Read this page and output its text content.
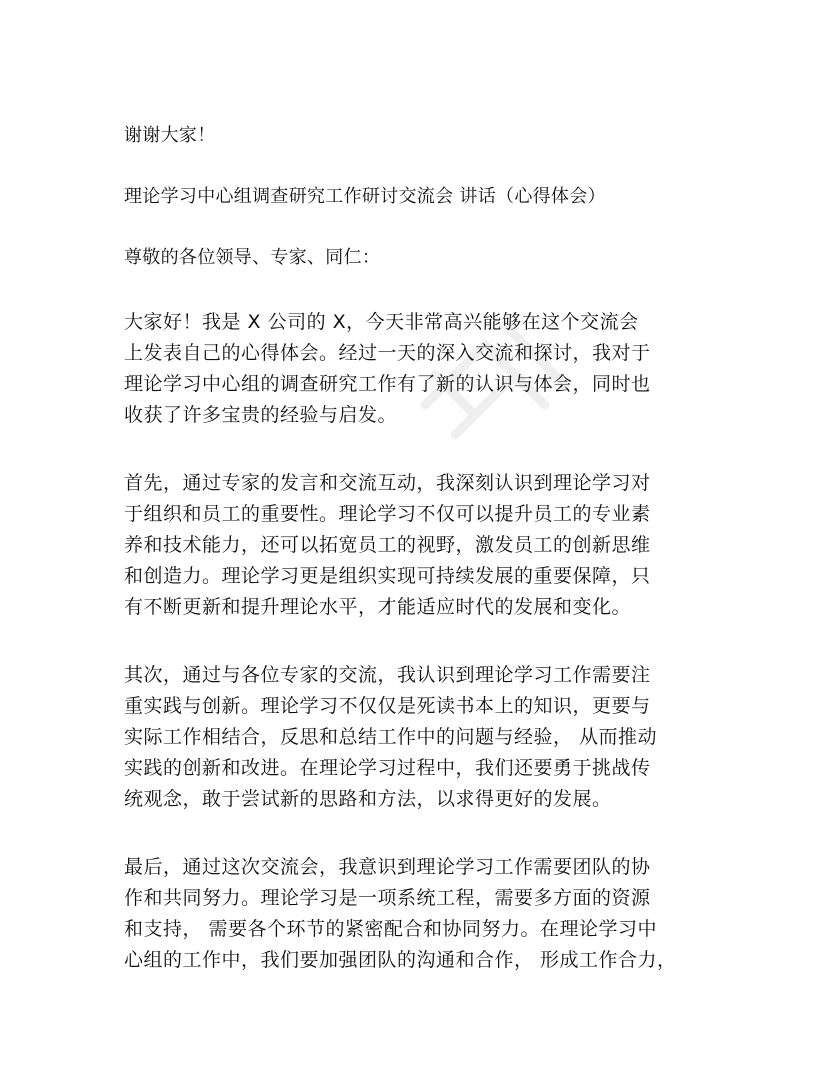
谢谢大家！
理论学习中心组调查研究工作研讨交流会 讲话（心得体会）
尊敬的各位领导、专家、同仁：
大家好！我是 X 公司的 X，今天非常高兴能够在这个交流会
上发表自己的心得体会。经过一天的深入交流和探讨，我对于
理论学习中心组的调查研究工作有了新的认识与体会，同时也
收获了许多宝贵的经验与启发。
首先，通过专家的发言和交流互动，我深刻认识到理论学习对
于组织和员工的重要性。理论学习不仅可以提升员工的专业素
养和技术能力，还可以拓宽员工的视野，激发员工的创新思维
和创造力。理论学习更是组织实现可持续发展的重要保障，只
有不断更新和提升理论水平，才能适应时代的发展和变化。
其次，通过与各位专家的交流，我认识到理论学习工作需要注
重实践与创新。理论学习不仅仅是死读书本上的知识，更要与
实际工作相结合，反思和总结工作中的问题与经验， 从而推动
实践的创新和改进。在理论学习过程中，我们还要勇于挑战传
统观念，敢于尝试新的思路和方法，以求得更好的发展。
最后，通过这次交流会，我意识到理论学习工作需要团队的协
作和共同努力。理论学习是一项系统工程，需要多方面的资源
和支持， 需要各个环节的紧密配合和协同努力。在理论学习中
心组的工作中，我们要加强团队的沟通和合作， 形成工作合力，
